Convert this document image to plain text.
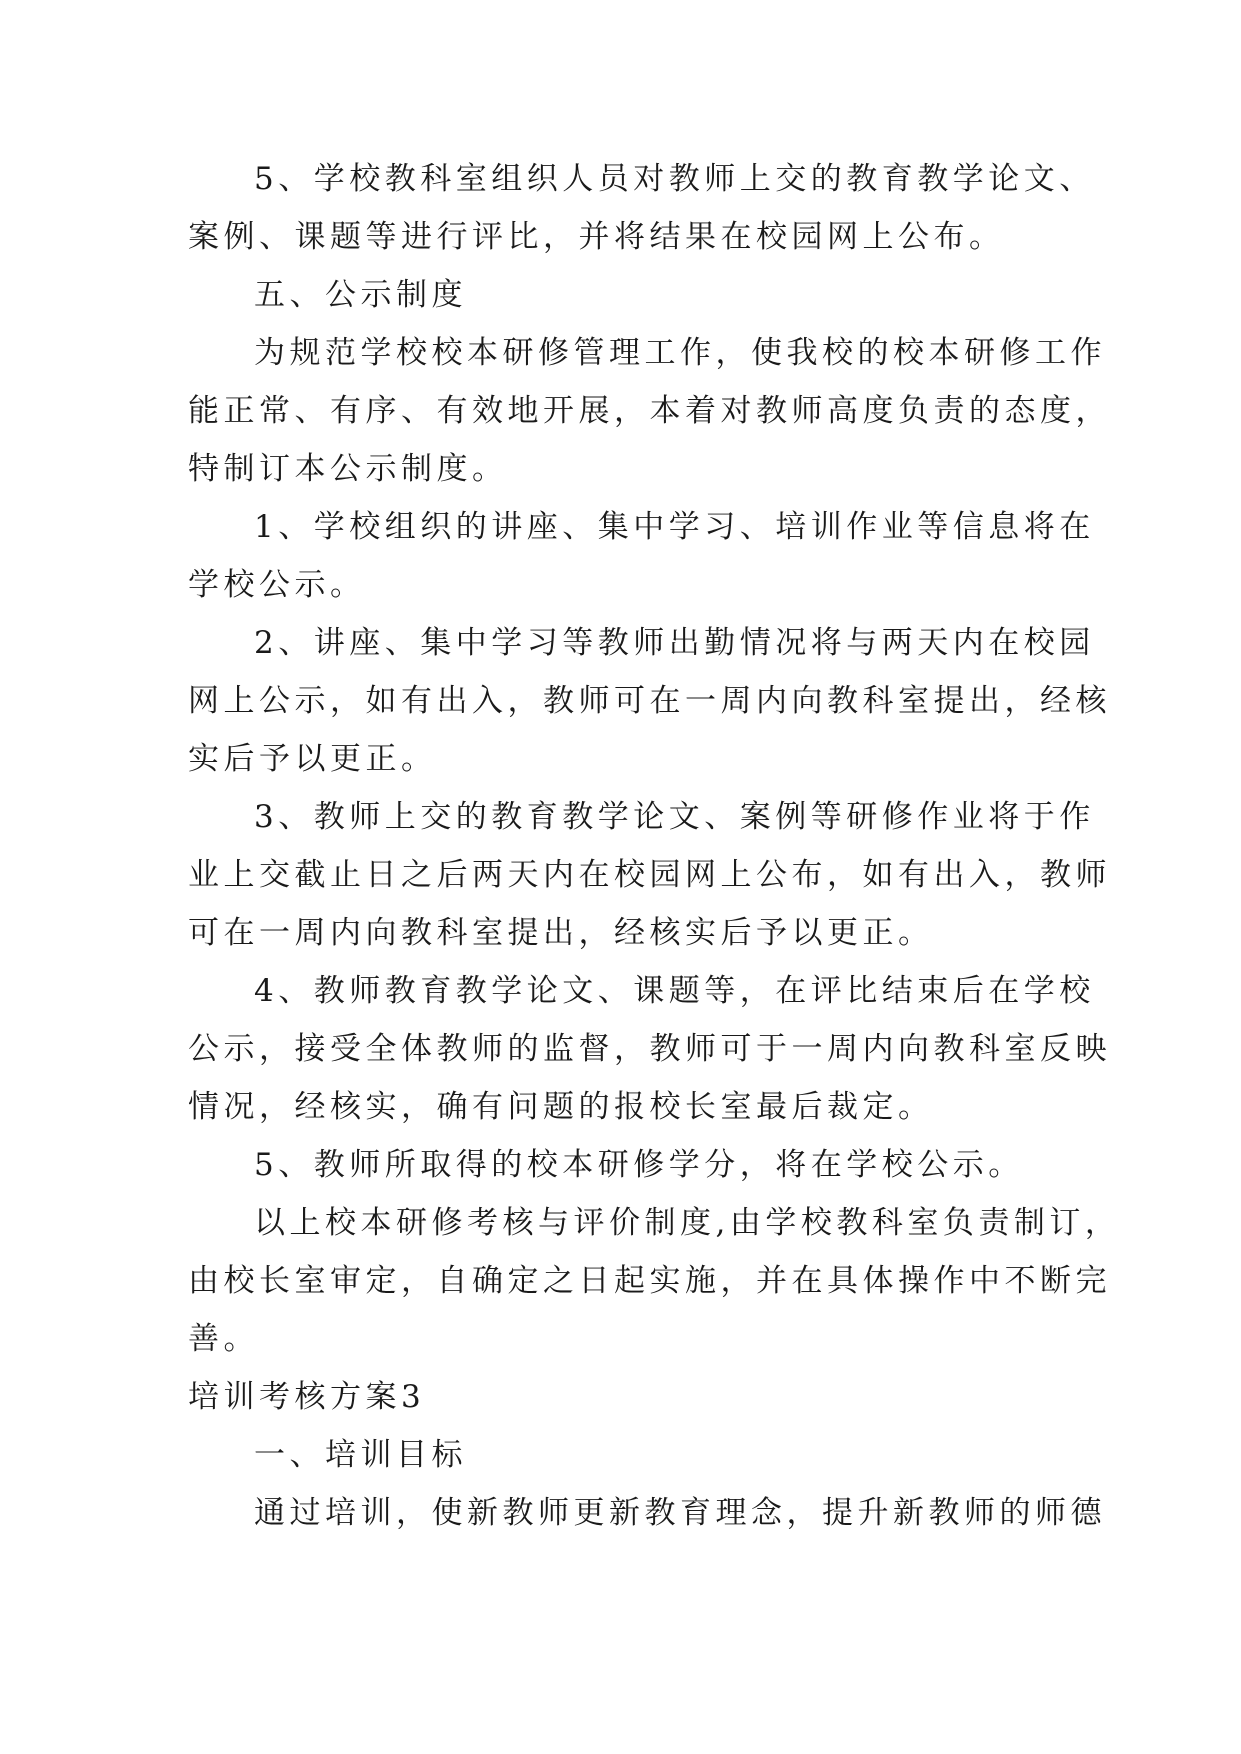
5、学校教科室组织人员对教师上交的教育教学论文、
案例、课题等进行评比，并将结果在校园网上公布。
五、公示制度
为规范学校校本研修管理工作，使我校的校本研修工作
能正常、有序、有效地开展，本着对教师高度负责的态度，
特制订本公示制度。
1、学校组织的讲座、集中学习、培训作业等信息将在
学校公示。
2、讲座、集中学习等教师出勤情况将与两天内在校园
网上公示，如有出入，教师可在一周内向教科室提出，经核
实后予以更正。
3、教师上交的教育教学论文、案例等研修作业将于作
业上交截止日之后两天内在校园网上公布，如有出入，教师
可在一周内向教科室提出，经核实后予以更正。
4、教师教育教学论文、课题等，在评比结束后在学校
公示，接受全体教师的监督，教师可于一周内向教科室反映
情况，经核实，确有问题的报校长室最后裁定。
5、教师所取得的校本研修学分，将在学校公示。
以上校本研修考核与评价制度,由学校教科室负责制订，
由校长室审定，自确定之日起实施，并在具体操作中不断完
善。
培训考核方案3
一、培训目标
通过培训，使新教师更新教育理念，提升新教师的师德
